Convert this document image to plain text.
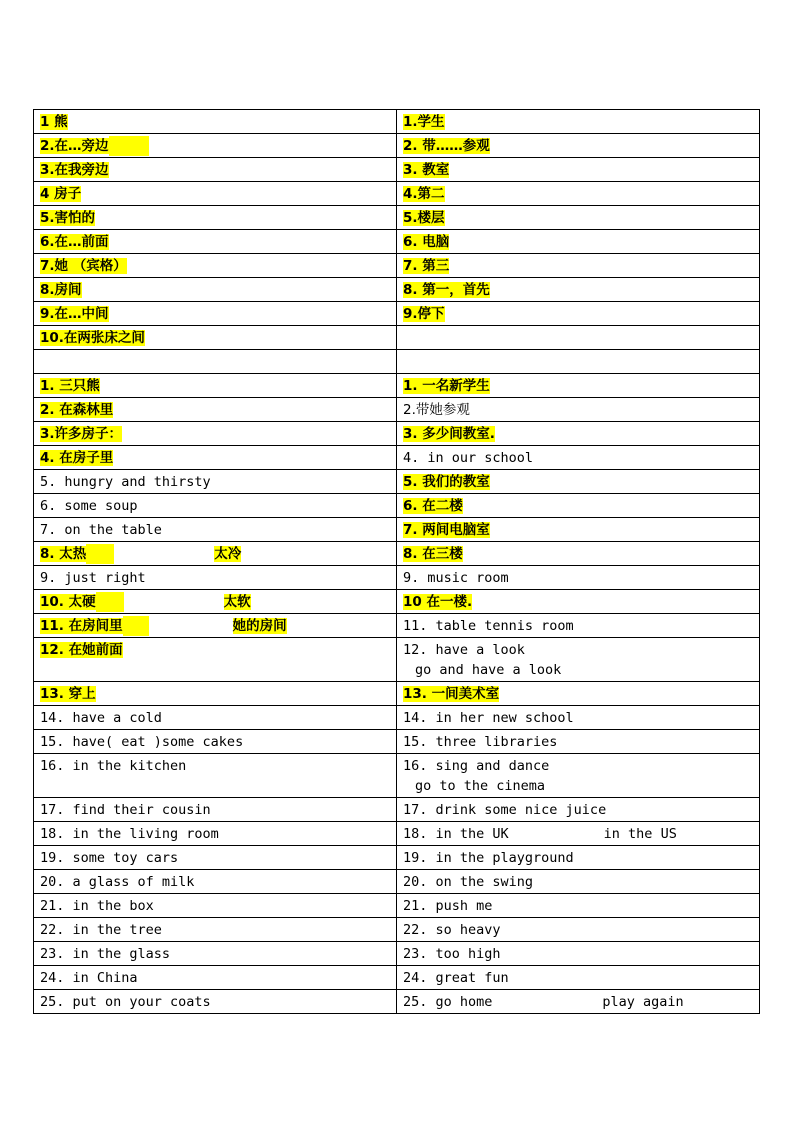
1 熊	1.学生
2.在…旁边	2. 带……参观
3.在我旁边	3. 教室
4 房子	4.第二
5.害怕的	5.楼层
6.在…前面	6. 电脑
7.她 （宾格）	7. 第三
8.房间	8. 第一，首先
9.在…中间	9.停下
10.在两张床之间	

1. 三只熊	1. 一名新学生
2. 在森林里	2.带她参观
3.许多房子：	3. 多少间教室.
4. 在房子里	4. in our school
5. hungry and thirsty	5. 我们的教室
6. some soup	6. 在二楼
7. on the table	7. 两间电脑室
8. 太热 太冷	8. 在三楼
9. just right	9. music room
10. 太硬 太软	10 在一楼.
11. 在房间里 她的房间	11. table tennis room
12. 在她前面	12. have a look
go and have a look

13. 穿上	13. 一间美术室
14. have a cold	14. in her new school
15. have( eat )some cakes	15. three libraries
16. in the kitchen	16. sing and dance
go to the cinema

17. find their cousin	17. drink some nice juice
18. in the living room	18. in the UK in the US
19. some toy cars	19. in the playground
20. a glass of milk	20. on the swing
21. in the box	21. push me
22. in the tree	22. so heavy
23. in the glass	23. too high
24. in China	24. great fun
25. put on your coats	25. go home play again
